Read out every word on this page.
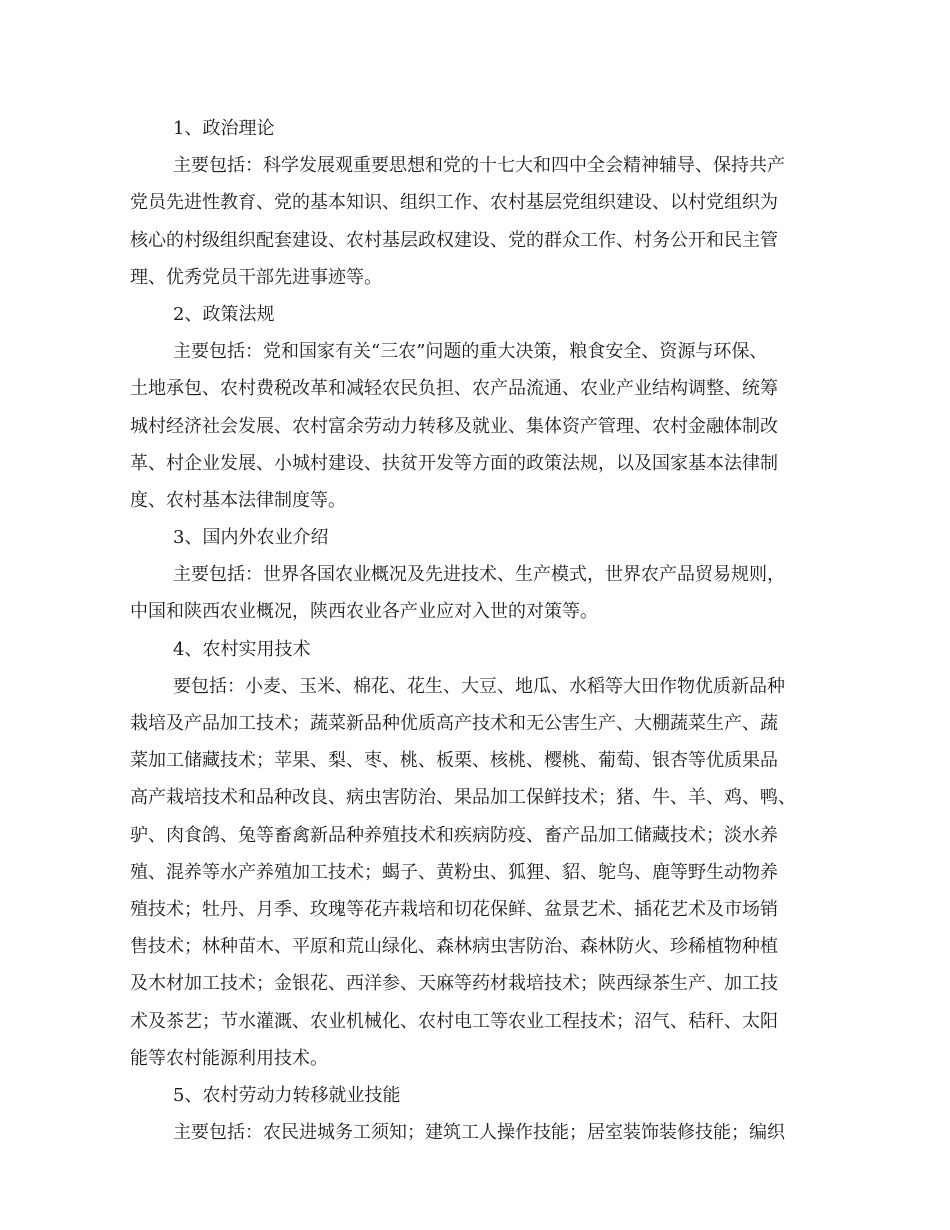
1、政治理论
主要包括：科学发展观重要思想和党的十七大和四中全会精神辅导、保持共产
党员先进性教育、党的基本知识、组织工作、农村基层党组织建设、以村党组织为
核心的村级组织配套建设、农村基层政权建设、党的群众工作、村务公开和民主管
理、优秀党员干部先进事迹等。
2、政策法规
主要包括：党和国家有关“三农”问题的重大决策，粮食安全、资源与环保、
土地承包、农村费税改革和减轻农民负担、农产品流通、农业产业结构调整、统筹
城村经济社会发展、农村富余劳动力转移及就业、集体资产管理、农村金融体制改
革、村企业发展、小城村建设、扶贫开发等方面的政策法规，以及国家基本法律制
度、农村基本法律制度等。
3、国内外农业介绍
主要包括：世界各国农业概况及先进技术、生产模式，世界农产品贸易规则，
中国和陕西农业概况，陕西农业各产业应对入世的对策等。
4、农村实用技术
要包括：小麦、玉米、棉花、花生、大豆、地瓜、水稻等大田作物优质新品种
栽培及产品加工技术；蔬菜新品种优质高产技术和无公害生产、大棚蔬菜生产、蔬
菜加工储藏技术；苹果、梨、枣、桃、板栗、核桃、樱桃、葡萄、银杏等优质果品
高产栽培技术和品种改良、病虫害防治、果品加工保鲜技术；猪、牛、羊、鸡、鸭、
驴、肉食鸽、兔等畜禽新品种养殖技术和疾病防疫、畜产品加工储藏技术；淡水养
殖、混养等水产养殖加工技术；蝎子、黄粉虫、狐狸、貂、鸵鸟、鹿等野生动物养
殖技术；牡丹、月季、玫瑰等花卉栽培和切花保鲜、盆景艺术、插花艺术及市场销
售技术；林种苗木、平原和荒山绿化、森林病虫害防治、森林防火、珍稀植物种植
及木材加工技术；金银花、西洋参、天麻等药材栽培技术；陕西绿茶生产、加工技
术及茶艺；节水灌溉、农业机械化、农村电工等农业工程技术；沼气、秸秆、太阳
能等农村能源利用技术。
5、农村劳动力转移就业技能
主要包括：农民进城务工须知；建筑工人操作技能；居室装饰装修技能；编织
